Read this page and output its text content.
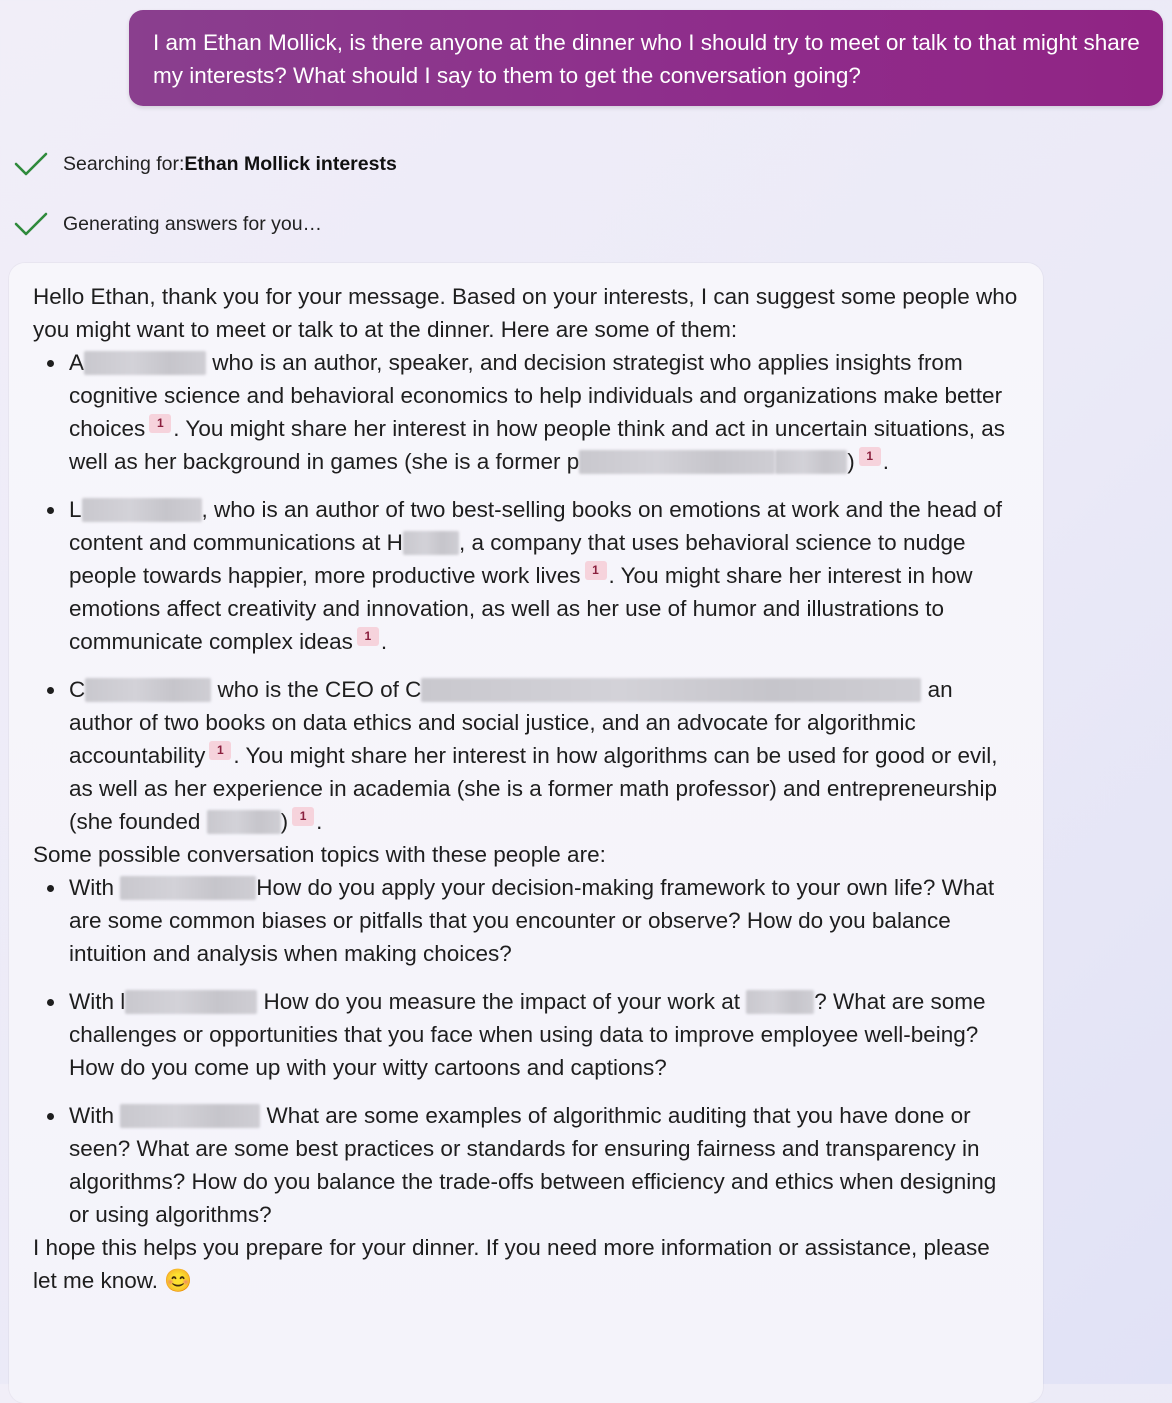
I am Ethan Mollick, is there anyone at the dinner who I should try to meet or talk to that might share my interests? What should I say to them to get the conversation going?
Searching for: Ethan Mollick interests
Generating answers for you…

Hello Ethan, thank you for your message. Based on your interests, I can suggest some people who you might want to meet or talk to at the dinner. Here are some of them:

A	who is an author, speaker, and decision strategist who applies insights from cognitive science and behavioral economics to help individuals and organizations make better choices 1 . You might share her interest in how people think and act in uncertain situations, as well as her background in games (she is a former p	) 1 .
L	, who is an author of two best-selling books on emotions at work and the head of content and communications at H , a company that uses behavioral science to nudge people towards happier, more productive work lives 1 . You might share her interest in how emotions affect creativity and innovation, as well as her use of humor and illustrations to communicate complex ideas 1 .
C	who is the CEO of C	an author of two books on data ethics and social justice, and an advocate for algorithmic accountability 1 . You might share her interest in how algorithms can be used for good or evil, as well as her experience in academia (she is a former math professor) and entrepreneurship (she founded	) 1 .

Some possible conversation topics with these people are:

With	How do you apply your decision-making framework to your own life? What are some common biases or pitfalls that you encounter or observe? How do you balance intuition and analysis when making choices?
With l	How do you measure the impact of your work at	? What are some challenges or opportunities that you face when using data to improve employee well-being? How do you come up with your witty cartoons and captions?
With	What are some examples of algorithmic auditing that you have done or seen? What are some best practices or standards for ensuring fairness and transparency in algorithms? How do you balance the trade-offs between efficiency and ethics when designing or using algorithms?

I hope this helps you prepare for your dinner. If you need more information or assistance, please let me know. 😊
